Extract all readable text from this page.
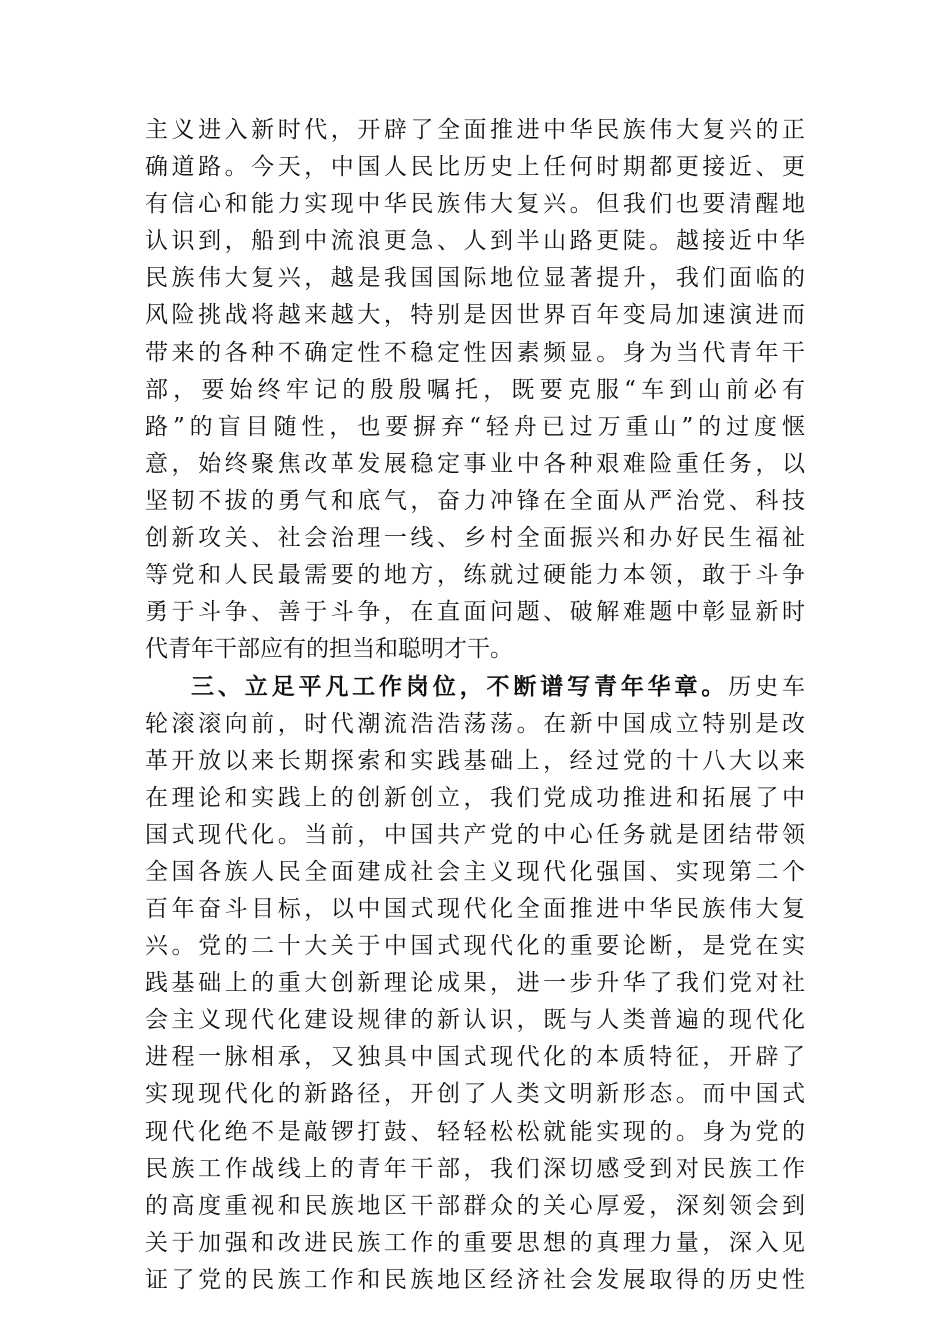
主义进入新时代，开辟了全面推进中华民族伟大复兴的正
确道路。今天，中国人民比历史上任何时期都更接近、更
有信心和能力实现中华民族伟大复兴。但我们也要清醒地
认识到，船到中流浪更急、人到半山路更陡。越接近中华
民族伟大复兴，越是我国国际地位显著提升，我们面临的
风险挑战将越来越大，特别是因世界百年变局加速演进而
带来的各种不确定性不稳定性因素频显。身为当代青年干
部，要始终牢记的殷殷嘱托，既要克服“车到山前必有
路”的盲目随性，也要摒弃“轻舟已过万重山”的过度惬
意，始终聚焦改革发展稳定事业中各种艰难险重任务，以
坚韧不拔的勇气和底气，奋力冲锋在全面从严治党、科技
创新攻关、社会治理一线、乡村全面振兴和办好民生福祉
等党和人民最需要的地方，练就过硬能力本领，敢于斗争
勇于斗争、善于斗争，在直面问题、破解难题中彰显新时
代青年干部应有的担当和聪明才干。
三、立足平凡工作岗位，不断谱写青年华章。历史车
轮滚滚向前，时代潮流浩浩荡荡。在新中国成立特别是改
革开放以来长期探索和实践基础上，经过党的十八大以来
在理论和实践上的创新创立，我们党成功推进和拓展了中
国式现代化。当前，中国共产党的中心任务就是团结带领
全国各族人民全面建成社会主义现代化强国、实现第二个
百年奋斗目标，以中国式现代化全面推进中华民族伟大复
兴。党的二十大关于中国式现代化的重要论断，是党在实
践基础上的重大创新理论成果，进一步升华了我们党对社
会主义现代化建设规律的新认识，既与人类普遍的现代化
进程一脉相承，又独具中国式现代化的本质特征，开辟了
实现现代化的新路径，开创了人类文明新形态。而中国式
现代化绝不是敲锣打鼓、轻轻松松就能实现的。身为党的
民族工作战线上的青年干部，我们深切感受到对民族工作
的高度重视和民族地区干部群众的关心厚爱，深刻领会到
关于加强和改进民族工作的重要思想的真理力量，深入见
证了党的民族工作和民族地区经济社会发展取得的历史性
